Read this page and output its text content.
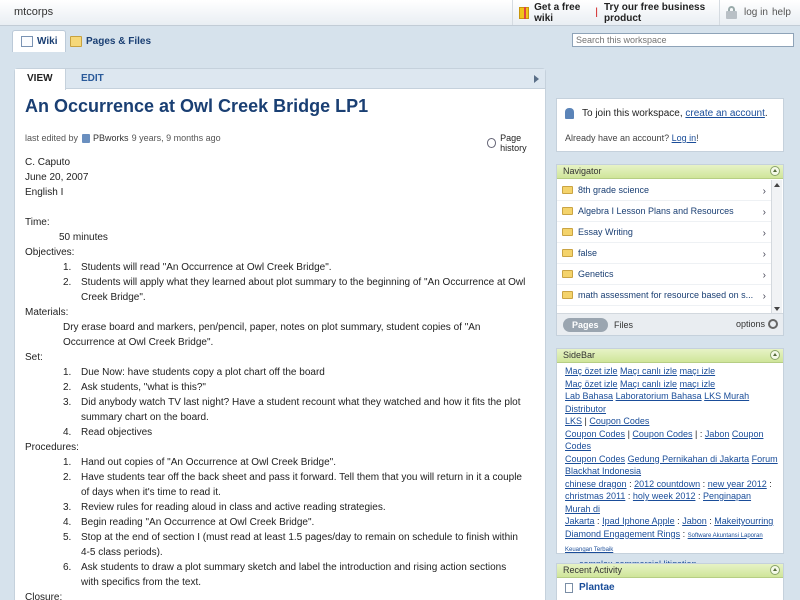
mtcorps	Get a free wiki	| Try our free business product	log in help
Wiki	Pages & Files
Search this workspace
VIEW	EDIT
An Occurrence at Owl Creek Bridge LP1
last edited by PBworks 9 years, 9 months ago	Page history
C. Caputo
June 20, 2007
English I
Time:
50 minutes
Objectives:
1. Students will read "An Occurrence at Owl Creek Bridge".
2. Students will apply what they learned about plot summary to the beginning of "An Occurrence at Owl
Creek Bridge".
Materials:
Dry erase board and markers, pen/pencil, paper, notes on plot summary, student copies of "An
Occurrence at Owl Creek Bridge".
Set:
1. Due Now: have students copy a plot chart off the board
2. Ask students, "what is this?"
3. Did anybody watch TV last night? Have a student recount what they watched and how it fits the plot
summary chart on the board.
4. Read objectives
Procedures:
1. Hand out copies of "An Occurrence at Owl Creek Bridge".
2. Have students tear off the back sheet and pass it forward. Tell them that you will return in it a couple
of days when it's time to read it.
3. Review rules for reading aloud in class and active reading strategies.
4. Begin reading "An Occurrence at Owl Creek Bridge".
5. Stop at the end of section I (must read at least 1.5 pages/day to remain on schedule to finish within
4-5 class periods).
6. Ask students to draw a plot summary sketch and label the introduction and rising action sections
with specifics from the text.
Closure:
To join this workspace,
create an account .
Already have an account? Log in!
Navigator
8th grade science	›
Algebra I Lesson Plans and Resources	›
Essay Writing	›
false	›
Genetics	›
math assessment for resource based on s... ›
Pages	Files	options
SideBar
Maç özet izle Maçı canlı izle maçı izle
Maç özet izle Maçı canlı izle maçı izle
Lab Bahasa Laboratorium Bahasa LKS Murah Distributor
LKS | Coupon Codes
Coupon Codes | Coupon Codes | : Jabon Coupon Codes
Coupon Codes Gedung Pernikahan di Jakarta Forum
Blackhat Indonesia
chinese dragon : 2012 countdown : new year 2012 :
christmas 2011 : holy week 2012 : Penginapan Murah di
Jakarta : Ipad Iphone Apple : Jabon : Makeityourring
Diamond Engagement Rings : Software Akuntansi Laporan Keuangan Terbaik
Recent Activity
Plantae
